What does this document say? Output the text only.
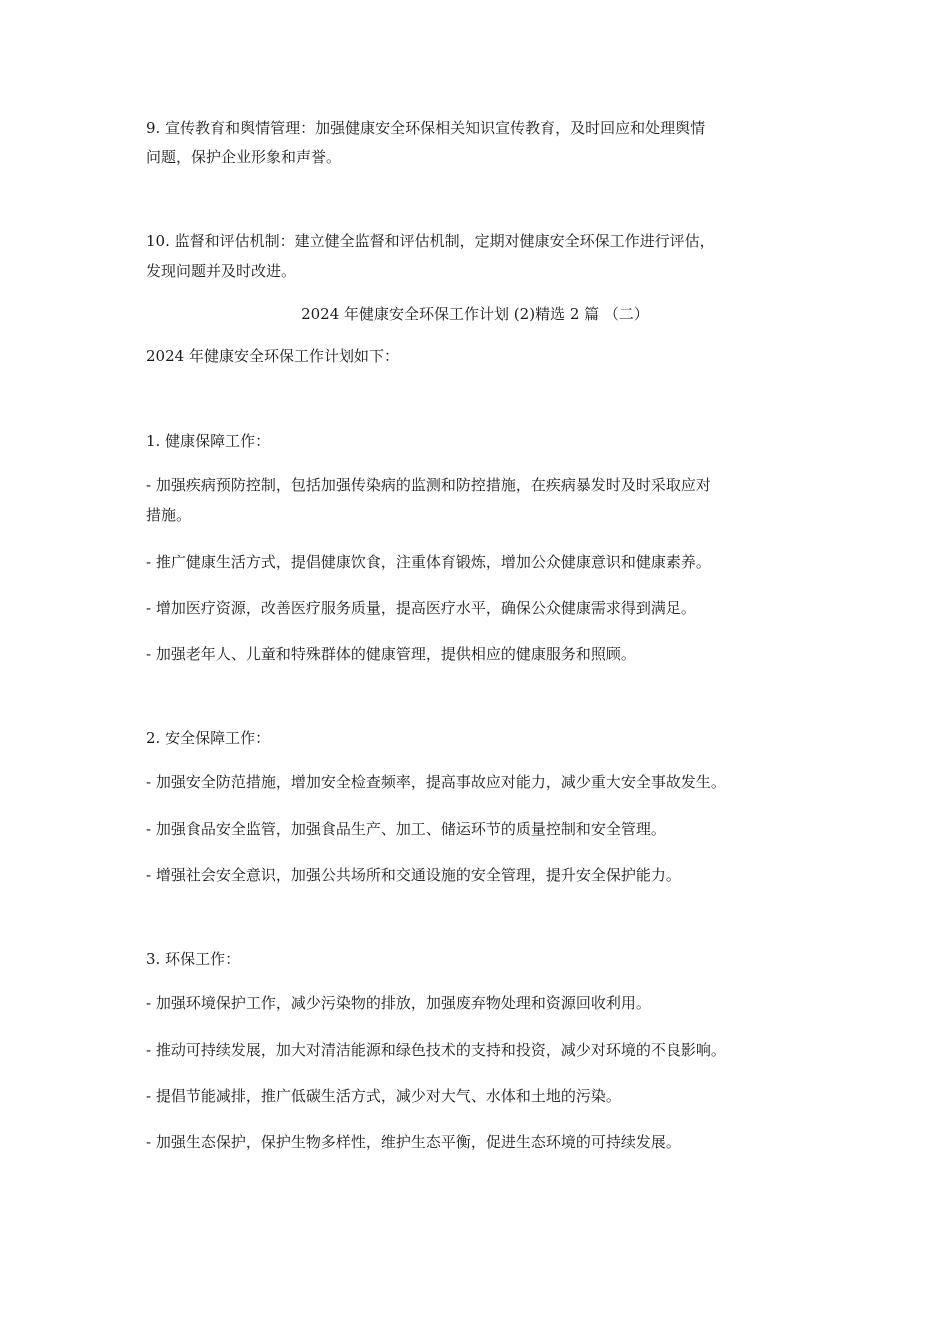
9. 宣传教育和舆情管理：加强健康安全环保相关知识宣传教育，及时回应和处理舆情
问题，保护企业形象和声誉。
10. 监督和评估机制：建立健全监督和评估机制，定期对健康安全环保工作进行评估，
发现问题并及时改进。
2024 年健康安全环保工作计划 (2)精选 2 篇 （二）
2024 年健康安全环保工作计划如下：
1. 健康保障工作：
- 加强疾病预防控制，包括加强传染病的监测和防控措施，在疾病暴发时及时采取应对
措施。
- 推广健康生活方式，提倡健康饮食，注重体育锻炼，增加公众健康意识和健康素养。
- 增加医疗资源，改善医疗服务质量，提高医疗水平，确保公众健康需求得到满足。
- 加强老年人、儿童和特殊群体的健康管理，提供相应的健康服务和照顾。
2. 安全保障工作：
- 加强安全防范措施，增加安全检查频率，提高事故应对能力，减少重大安全事故发生。
- 加强食品安全监管，加强食品生产、加工、储运环节的质量控制和安全管理。
- 增强社会安全意识，加强公共场所和交通设施的安全管理，提升安全保护能力。
3. 环保工作：
- 加强环境保护工作，减少污染物的排放，加强废弃物处理和资源回收利用。
- 推动可持续发展，加大对清洁能源和绿色技术的支持和投资，减少对环境的不良影响。
- 提倡节能减排，推广低碳生活方式，减少对大气、水体和土地的污染。
- 加强生态保护，保护生物多样性，维护生态平衡，促进生态环境的可持续发展。
